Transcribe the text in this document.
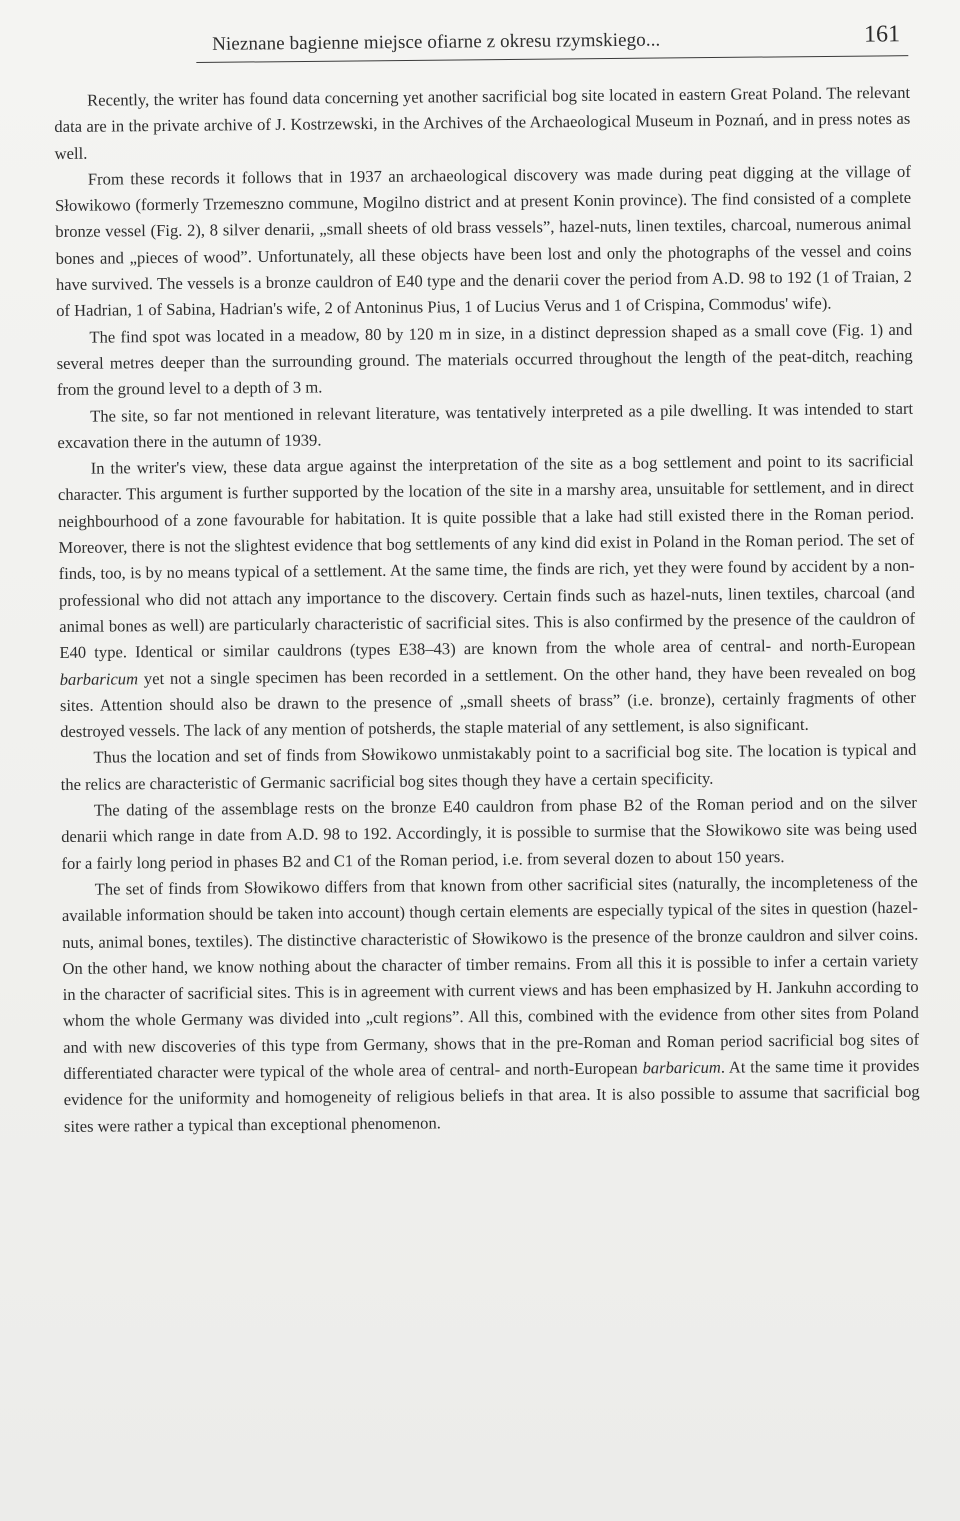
Nieznane bagienne miejsce ofiarne z okresu rzymskiego...	161

Recently, the writer has found data concerning yet another sacrificial bog site located in eastern Great Poland. The relevant data are in the private archive of J. Kostrzewski, in the Archives of the Archaeological Museum in Poznań, and in press notes as well.

From these records it follows that in 1937 an archaeological discovery was made during peat digging at the village of Słowikowo (formerly Trzemeszno commune, Mogilno district and at present Konin province). The find consisted of a complete bronze vessel (Fig. 2), 8 silver denarii, „small sheets of old brass vessels”, hazel-nuts, linen textiles, charcoal, numerous animal bones and „pieces of wood”. Unfortunately, all these objects have been lost and only the photographs of the vessel and coins have survived. The vessels is a bronze cauldron of E40 type and the denarii cover the period from A.D. 98 to 192 (1 of Traian, 2 of Hadrian, 1 of Sabina, Hadrian's wife, 2 of Antoninus Pius, 1 of Lucius Verus and 1 of Crispina, Commodus' wife).

The find spot was located in a meadow, 80 by 120 m in size, in a distinct depression shaped as a small cove (Fig. 1) and several metres deeper than the surrounding ground. The materials occurred throughout the length of the peat-ditch, reaching from the ground level to a depth of 3 m.

The site, so far not mentioned in relevant literature, was tentatively interpreted as a pile dwelling. It was intended to start excavation there in the autumn of 1939.

In the writer's view, these data argue against the interpretation of the site as a bog settlement and point to its sacrificial character. This argument is further supported by the location of the site in a marshy area, unsuitable for settlement, and in direct neighbourhood of a zone favourable for habitation. It is quite possible that a lake had still existed there in the Roman period. Moreover, there is not the slightest evidence that bog settlements of any kind did exist in Poland in the Roman period. The set of finds, too, is by no means typical of a settlement. At the same time, the finds are rich, yet they were found by accident by a non-professional who did not attach any importance to the discovery. Certain finds such as hazel-nuts, linen textiles, charcoal (and animal bones as well) are particularly characteristic of sacrificial sites. This is also confirmed by the presence of the cauldron of E40 type. Identical or similar cauldrons (types E38–43) are known from the whole area of central- and north-European barbaricum yet not a single specimen has been recorded in a settlement. On the other hand, they have been revealed on bog sites. Attention should also be drawn to the presence of „small sheets of brass” (i.e. bronze), certainly fragments of other destroyed vessels. The lack of any mention of potsherds, the staple material of any settlement, is also significant.

Thus the location and set of finds from Słowikowo unmistakably point to a sacrificial bog site. The location is typical and the relics are characteristic of Germanic sacrificial bog sites though they have a certain specificity.

The dating of the assemblage rests on the bronze E40 cauldron from phase B2 of the Roman period and on the silver denarii which range in date from A.D. 98 to 192. Accordingly, it is possible to surmise that the Słowikowo site was being used for a fairly long period in phases B2 and C1 of the Roman period, i.e. from several dozen to about 150 years.

The set of finds from Słowikowo differs from that known from other sacrificial sites (naturally, the incompleteness of the available information should be taken into account) though certain elements are especially typical of the sites in question (hazel-nuts, animal bones, textiles). The distinctive characteristic of Słowikowo is the presence of the bronze cauldron and silver coins. On the other hand, we know nothing about the character of timber remains. From all this it is possible to infer a certain variety in the character of sacrificial sites. This is in agreement with current views and has been emphasized by H. Jankuhn according to whom the whole Germany was divided into „cult regions”. All this, combined with the evidence from other sites from Poland and with new discoveries of this type from Germany, shows that in the pre-Roman and Roman period sacrificial bog sites of differentiated character were typical of the whole area of central- and north-European barbaricum. At the same time it provides evidence for the uniformity and homogeneity of religious beliefs in that area. It is also possible to assume that sacrificial bog sites were rather a typical than exceptional phenomenon.
